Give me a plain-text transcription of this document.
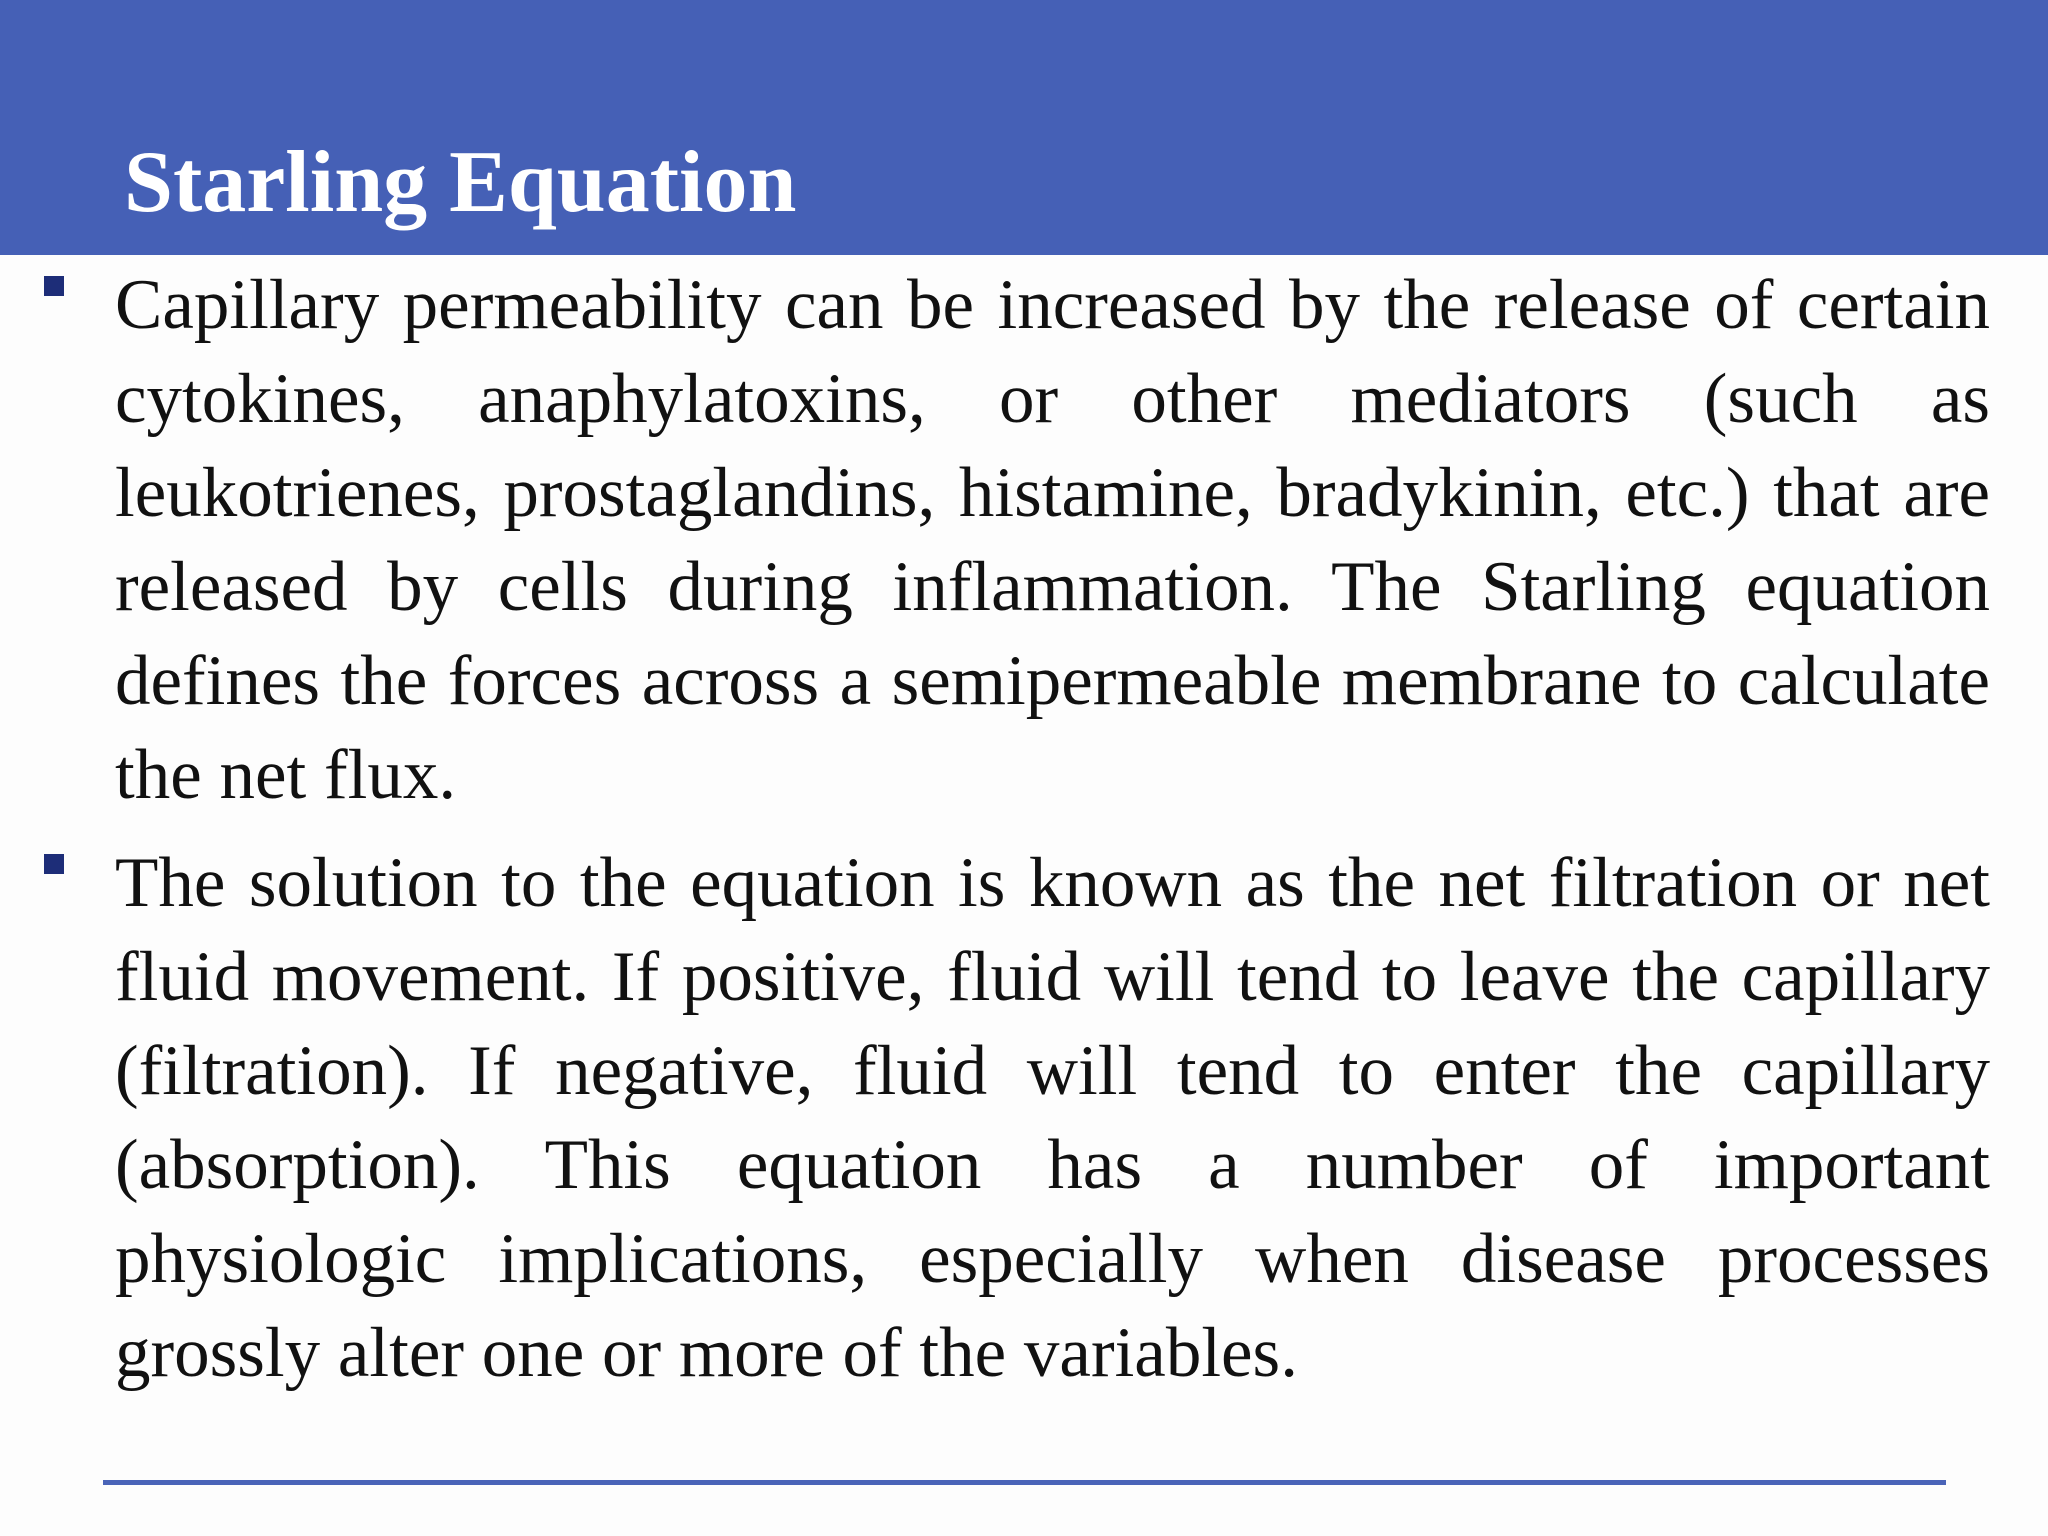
Starling Equation
Capillary permeability can be increased by the release of certain cytokines, anaphylatoxins, or other mediators (such as leukotrienes, prostaglandins, histamine, bradykinin, etc.) that are released by cells during inflammation. The Starling equation defines the forces across a semipermeable membrane to calculate the net flux.
The solution to the equation is known as the net filtration or net fluid movement. If positive, fluid will tend to leave the capillary (filtration). If negative, fluid will tend to enter the capillary (absorption). This equation has a number of important physiologic implications, especially when disease processes grossly alter one or more of the variables.
